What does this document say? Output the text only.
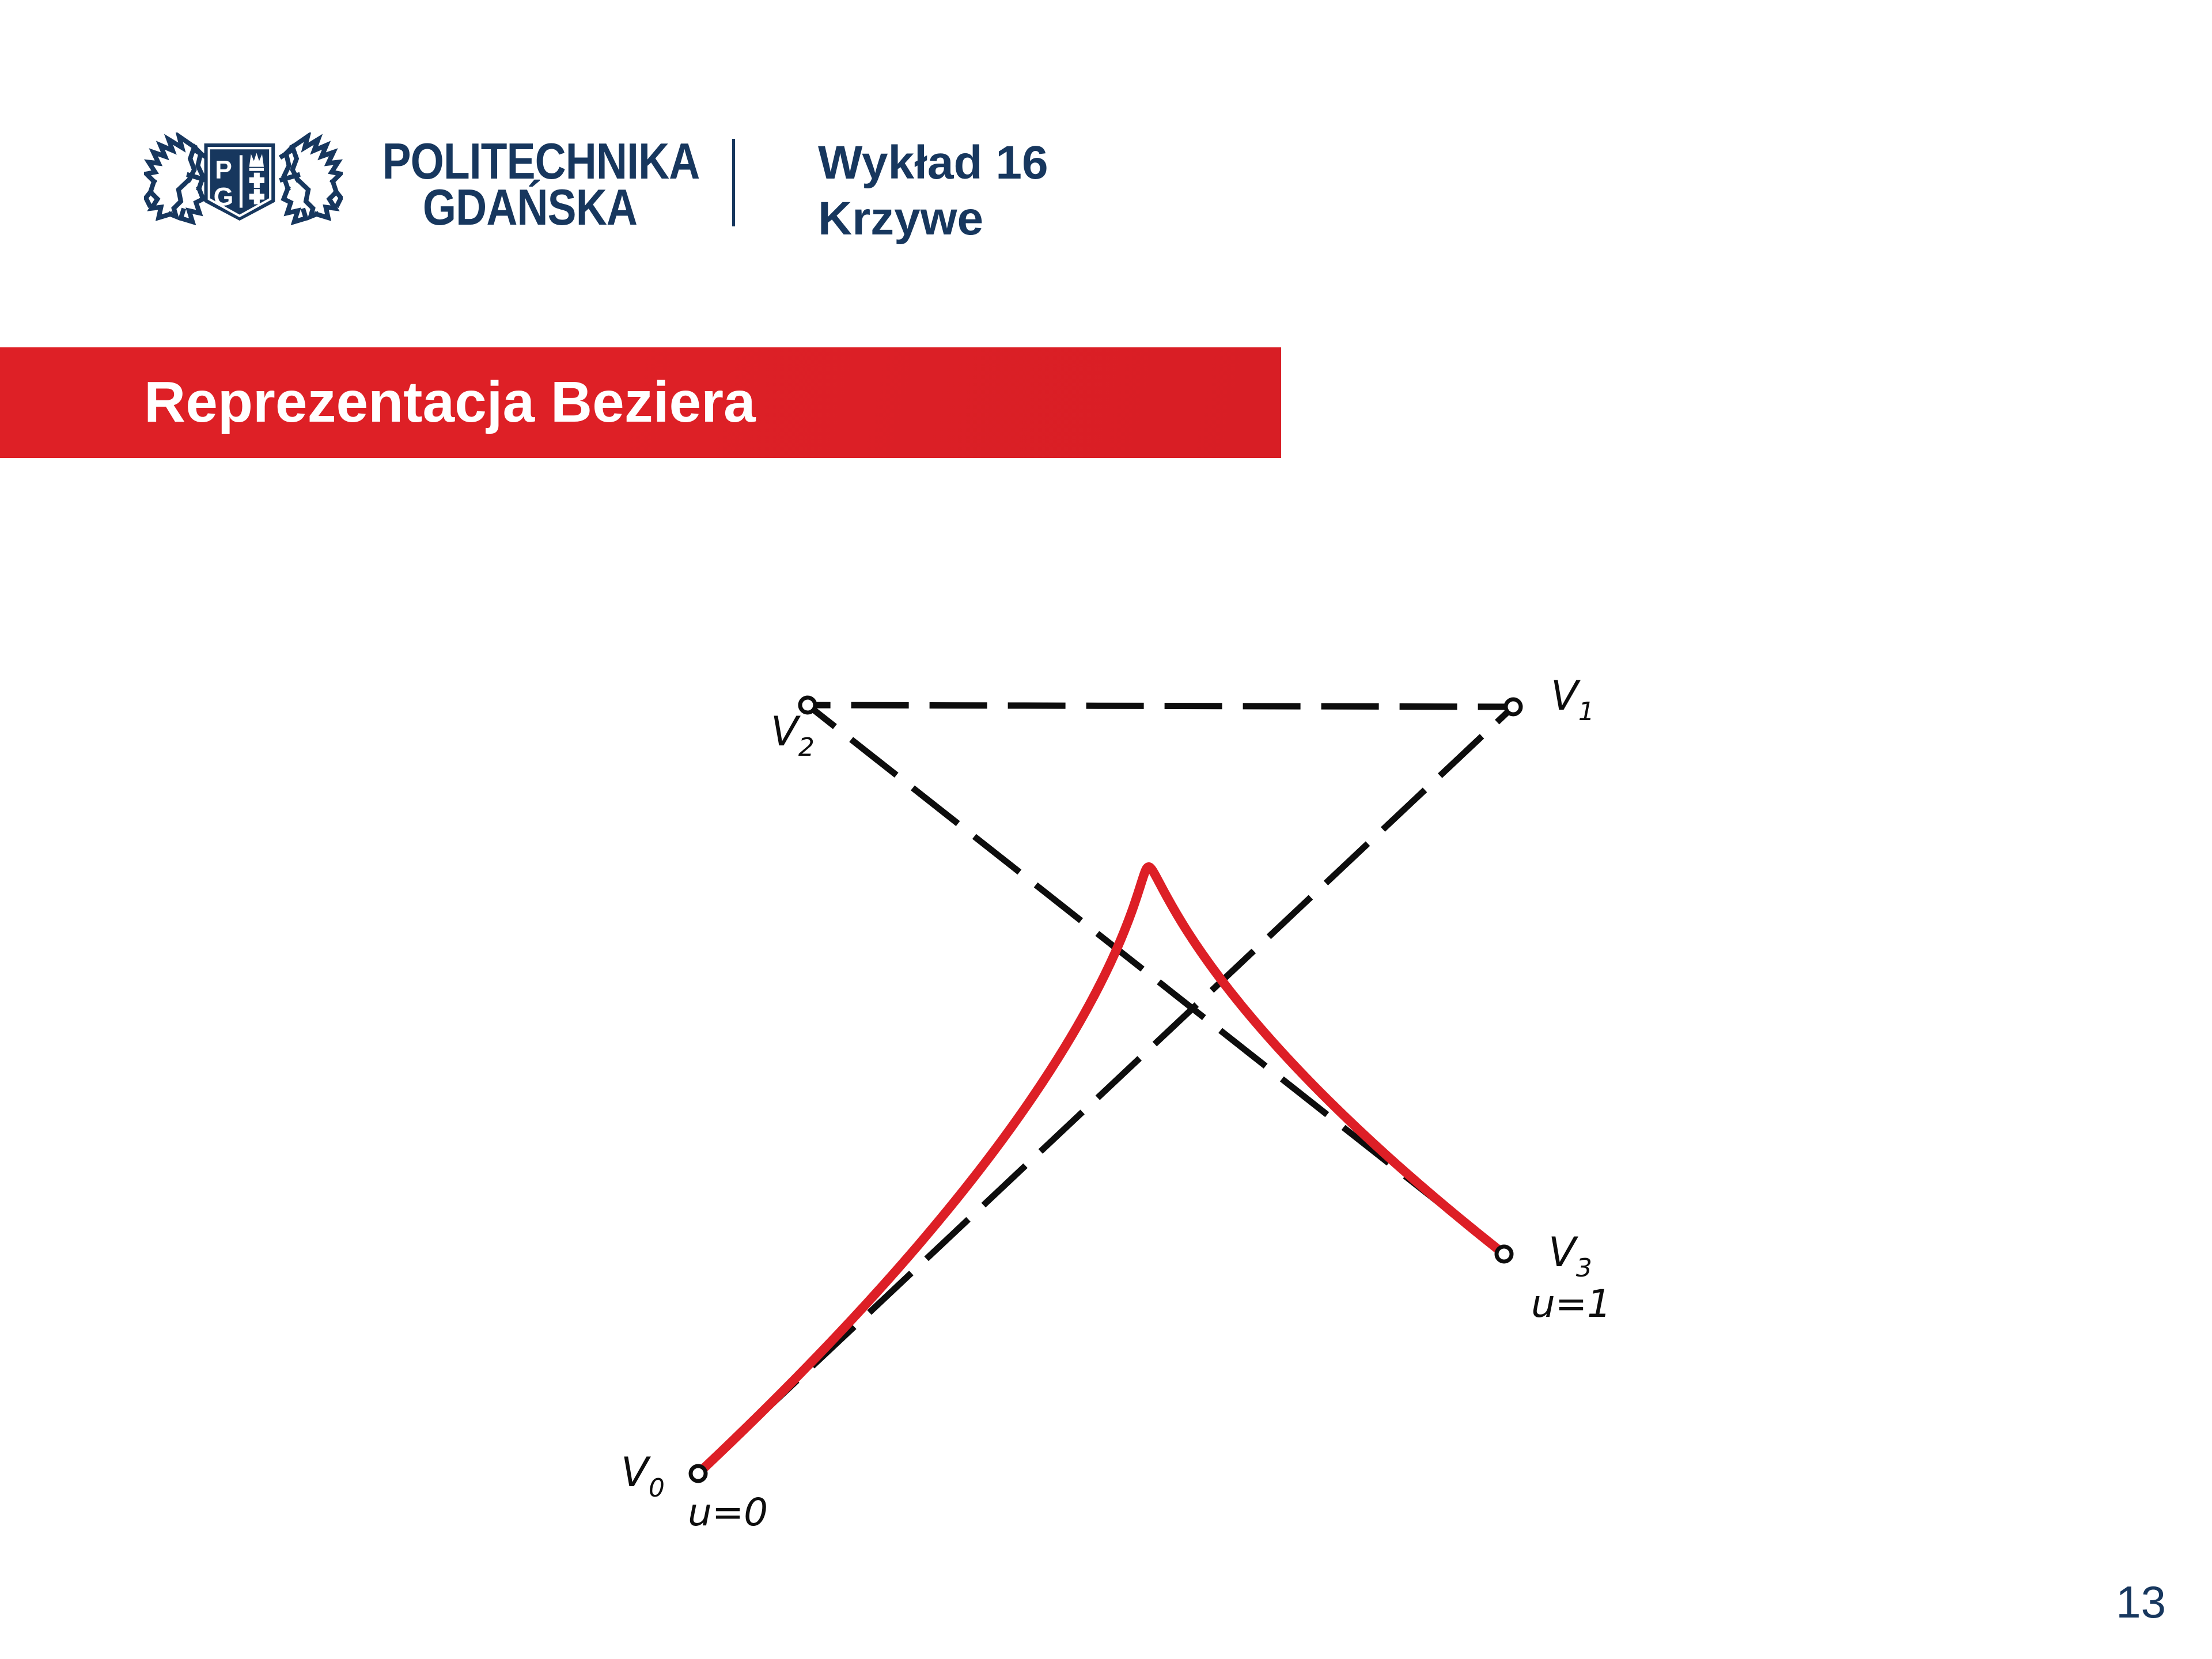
P
G
POLITECHNIKA
GDAŃSKA
Wykład 16
Krzywe
Reprezentacja Beziera
$V_2$
$V_1$
$V_0$
$V_3$
u=0
u=1
13
